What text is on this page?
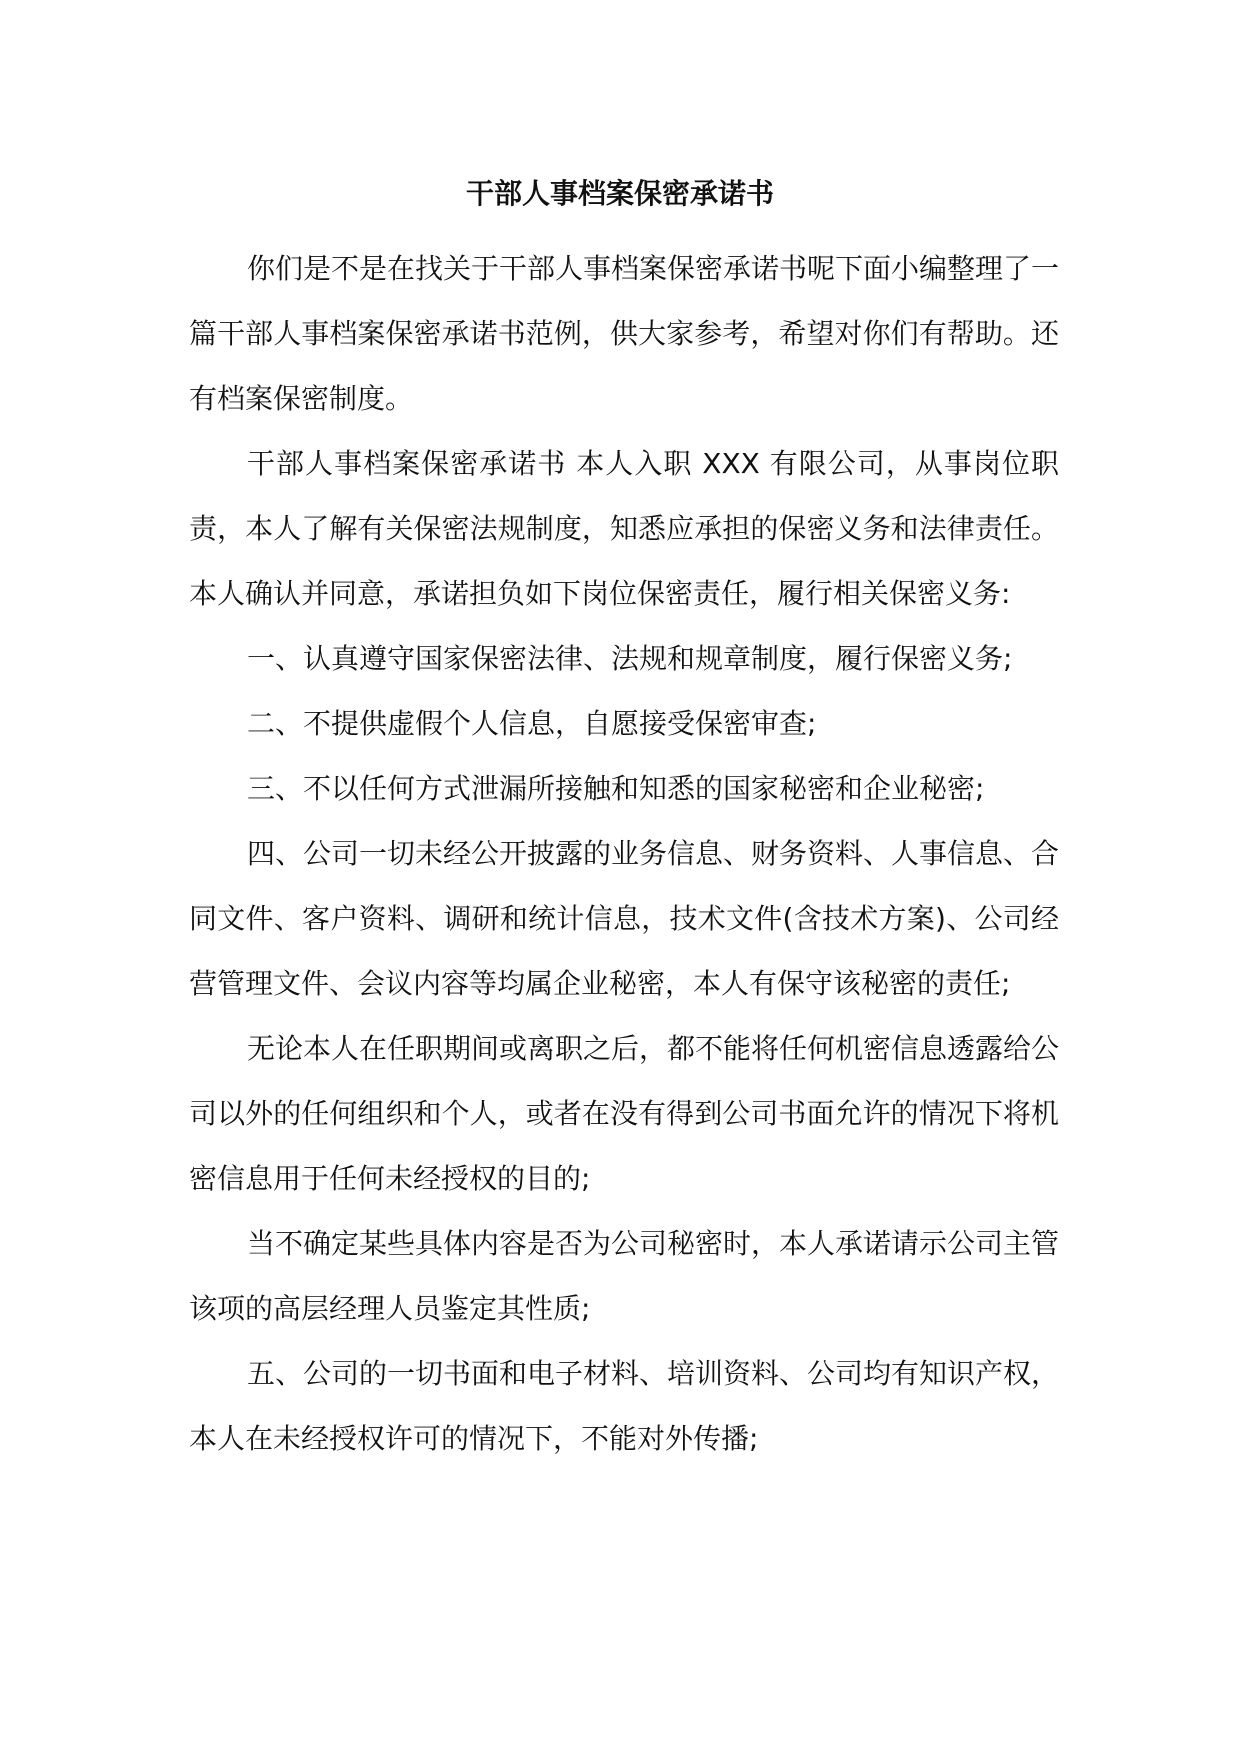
干部人事档案保密承诺书

你们是不是在找关于干部人事档案保密承诺书呢下面小编整理了一篇干部人事档案保密承诺书范例，供大家参考，希望对你们有帮助。还有档案保密制度。

干部人事档案保密承诺书 本人入职 XXX 有限公司，从事岗位职责，本人了解有关保密法规制度，知悉应承担的保密义务和法律责任。本人确认并同意，承诺担负如下岗位保密责任，履行相关保密义务:

一、认真遵守国家保密法律、法规和规章制度，履行保密义务;

二、不提供虚假个人信息，自愿接受保密审查;

三、不以任何方式泄漏所接触和知悉的国家秘密和企业秘密;

四、公司一切未经公开披露的业务信息、财务资料、人事信息、合同文件、客户资料、调研和统计信息，技术文件(含技术方案)、公司经营管理文件、会议内容等均属企业秘密，本人有保守该秘密的责任;

无论本人在任职期间或离职之后，都不能将任何机密信息透露给公司以外的任何组织和个人，或者在没有得到公司书面允许的情况下将机密信息用于任何未经授权的目的;

当不确定某些具体内容是否为公司秘密时，本人承诺请示公司主管该项的高层经理人员鉴定其性质;

五、公司的一切书面和电子材料、培训资料、公司均有知识产权，本人在未经授权许可的情况下，不能对外传播;
